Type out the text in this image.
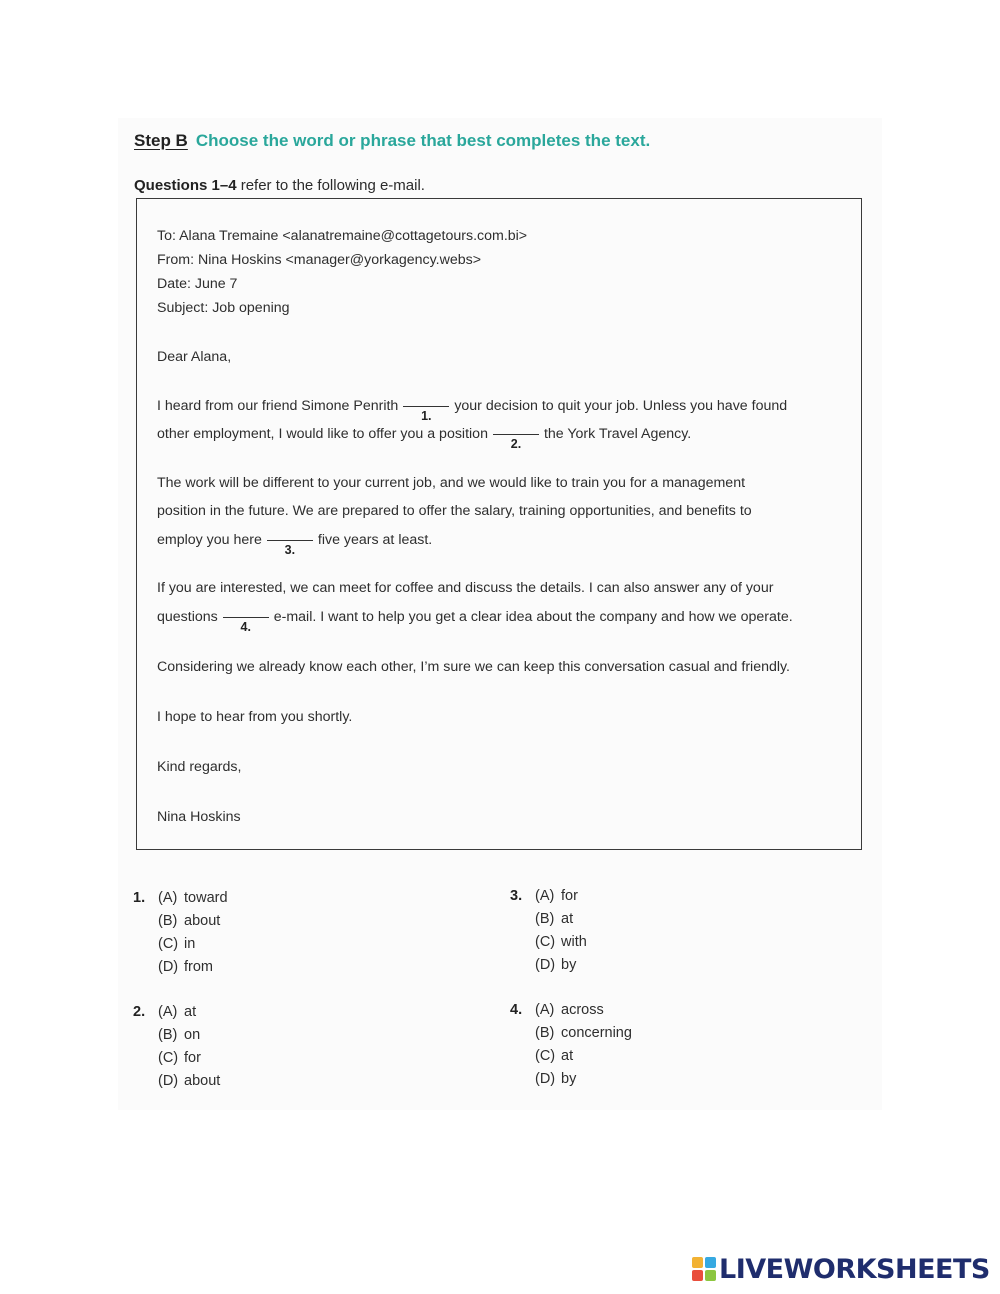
Step B Choose the word or phrase that best completes the text.
Questions 1–4 refer to the following e-mail.
To: Alana Tremaine <alanatremaine@cottagetours.com.bi>
From: Nina Hoskins <manager@yorkagency.webs>
Date: June 7
Subject: Job opening
Dear Alana,
I heard from our friend Simone Penrith
1.
your decision to quit your job. Unless you have found
other employment, I would like to offer you a position
2.
the York Travel Agency.
The work will be different to your current job, and we would like to train you for a management
position in the future. We are prepared to offer the salary, training opportunities, and benefits to
employ you here
3.
five years at least.
If you are interested, we can meet for coffee and discuss the details. I can also answer any of your
questions
4.
e-mail. I want to help you get a clear idea about the company and how we operate.
Considering we already know each other, I’m sure we can keep this conversation casual and friendly.
I hope to hear from you shortly.
Kind regards,
Nina Hoskins
1. (A) toward
(B) about
(C) in
(D) from
2. (A) at
(B) on
(C) for
(D) about
3. (A) for
(B) at
(C) with
(D) by
4. (A) across
(B) concerning
(C) at
(D) by
LIVEWORKSHEETS
